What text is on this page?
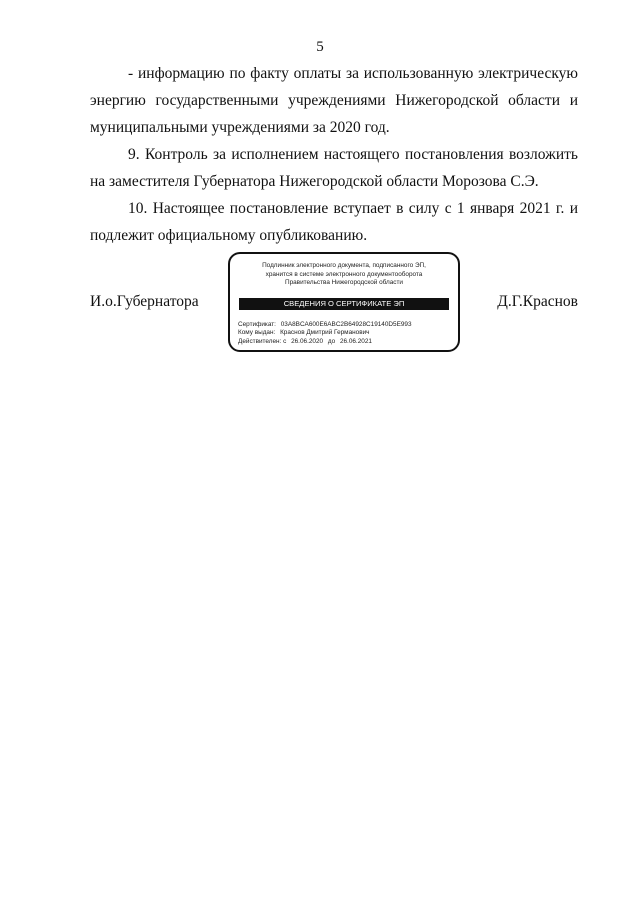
5

- информацию по факту оплаты за использованную электрическую энергию государственными учреждениями Нижегородской области и муниципальными учреждениями за 2020 год.

9. Контроль за исполнением настоящего постановления возложить на заместителя Губернатора Нижегородской области Морозова С.Э.

10. Настоящее постановление вступает в силу с 1 января 2021 г. и подлежит официальному опубликованию.

И.о.Губернатора
Подлинник электронного документа, подписанного ЭП,
хранится в системе электронного документооборота
Правительства Нижегородской области
СВЕДЕНИЯ О СЕРТИФИКАТЕ ЭП
Сертификат: 03A8BCA600E6ABC2B64928C19140D5E993
Кому выдан: Краснов Дмитрий Германович
Действителен: с 26.06.2020 до 26.06.2021
Д.Г.Краснов
